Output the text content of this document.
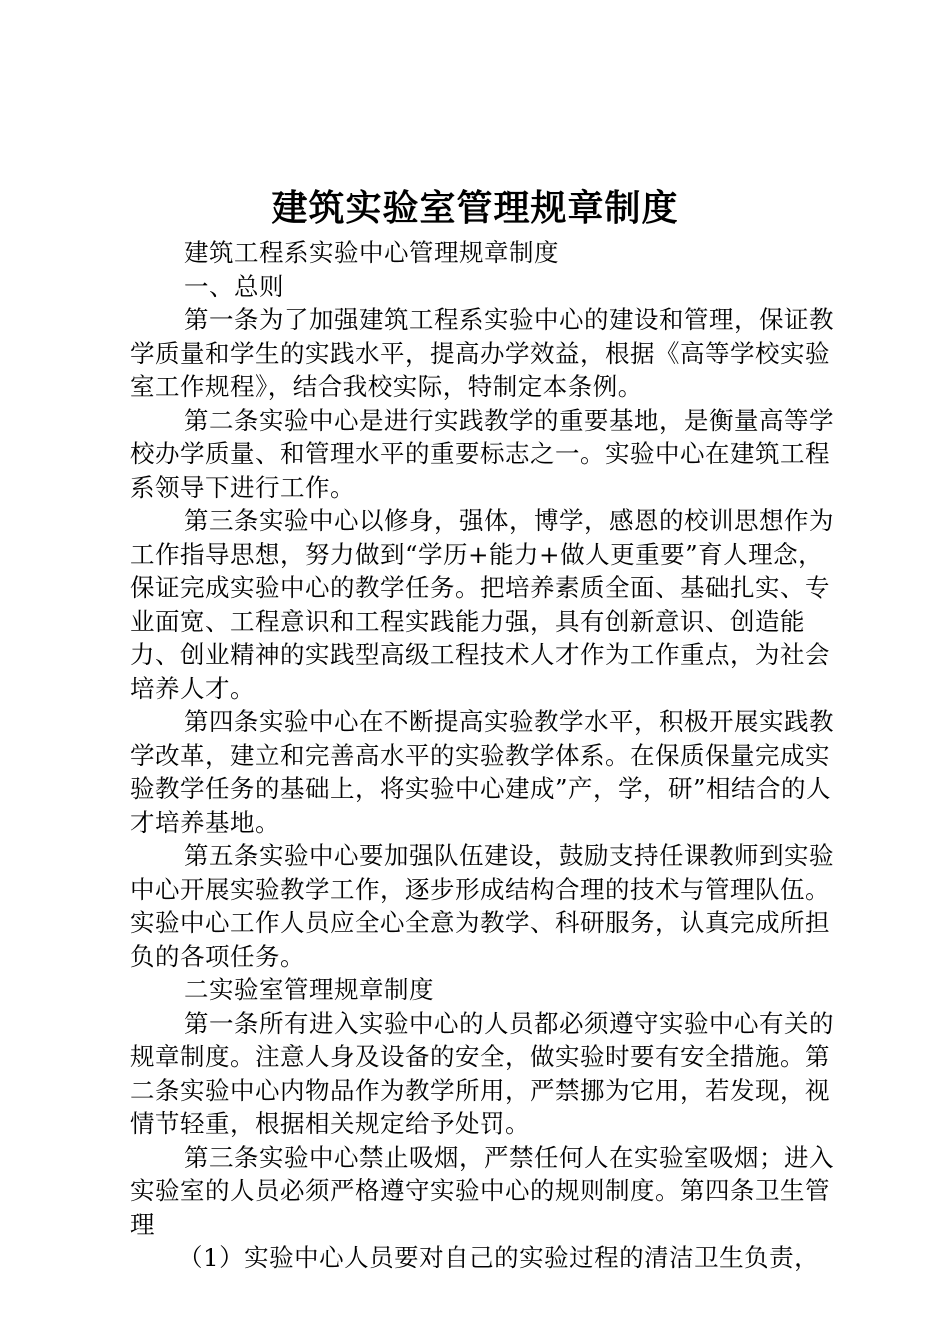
建筑实验室管理规章制度

建筑工程系实验中心管理规章制度

一、总则

第一条为了加强建筑工程系实验中心的建设和管理，保证教学质量和学生的实践水平，提高办学效益，根据《高等学校实验室工作规程》，结合我校实际，特制定本条例。

第二条实验中心是进行实践教学的重要基地，是衡量高等学校办学质量、和管理水平的重要标志之一。实验中心在建筑工程系领导下进行工作。

第三条实验中心以修身，强体，博学，感恩的校训思想作为工作指导思想，努力做到“学历+能力+做人更重要”育人理念，保证完成实验中心的教学任务。把培养素质全面、基础扎实、专业面宽、工程意识和工程实践能力强，具有创新意识、创造能力、创业精神的实践型高级工程技术人才作为工作重点，为社会培养人才。

第四条实验中心在不断提高实验教学水平，积极开展实践教学改革，建立和完善高水平的实验教学体系。在保质保量完成实验教学任务的基础上，将实验中心建成”产，学，研”相结合的人才培养基地。

第五条实验中心要加强队伍建设，鼓励支持任课教师到实验中心开展实验教学工作，逐步形成结构合理的技术与管理队伍。实验中心工作人员应全心全意为教学、科研服务，认真完成所担负的各项任务。

二实验室管理规章制度

第一条所有进入实验中心的人员都必须遵守实验中心有关的规章制度。注意人身及设备的安全，做实验时要有安全措施。第二条实验中心内物品作为教学所用，严禁挪为它用，若发现，视情节轻重，根据相关规定给予处罚。

第三条实验中心禁止吸烟，严禁任何人在实验室吸烟；进入实验室的人员必须严格遵守实验中心的规则制度。第四条卫生管理

（1）实验中心人员要对自己的实验过程的清洁卫生负责，
